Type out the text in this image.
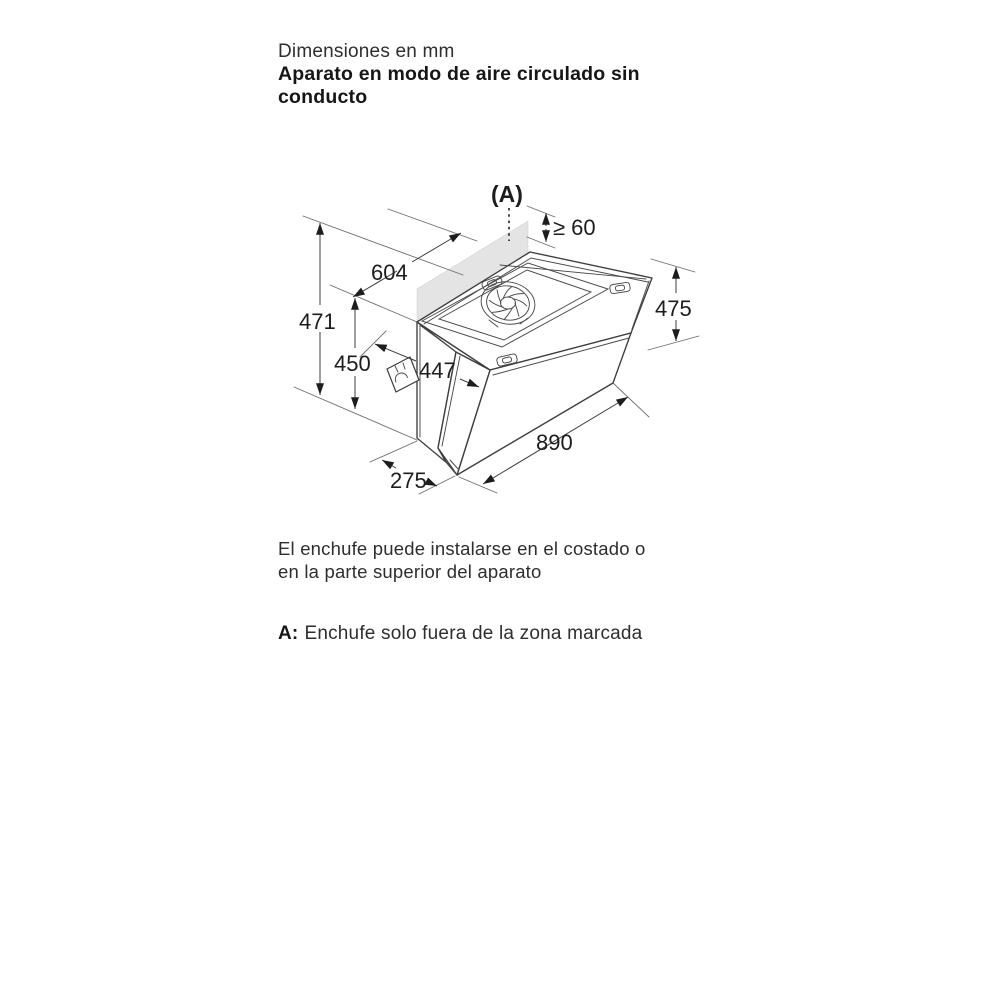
Dimensiones en mm
Aparato en modo de aire circulado sin
conducto
(A)
≥ 60
604
471
450 447
475
890
275
El enchufe puede instalarse en el costado o
en la parte superior del aparato
A: Enchufe solo fuera de la zona marcada
